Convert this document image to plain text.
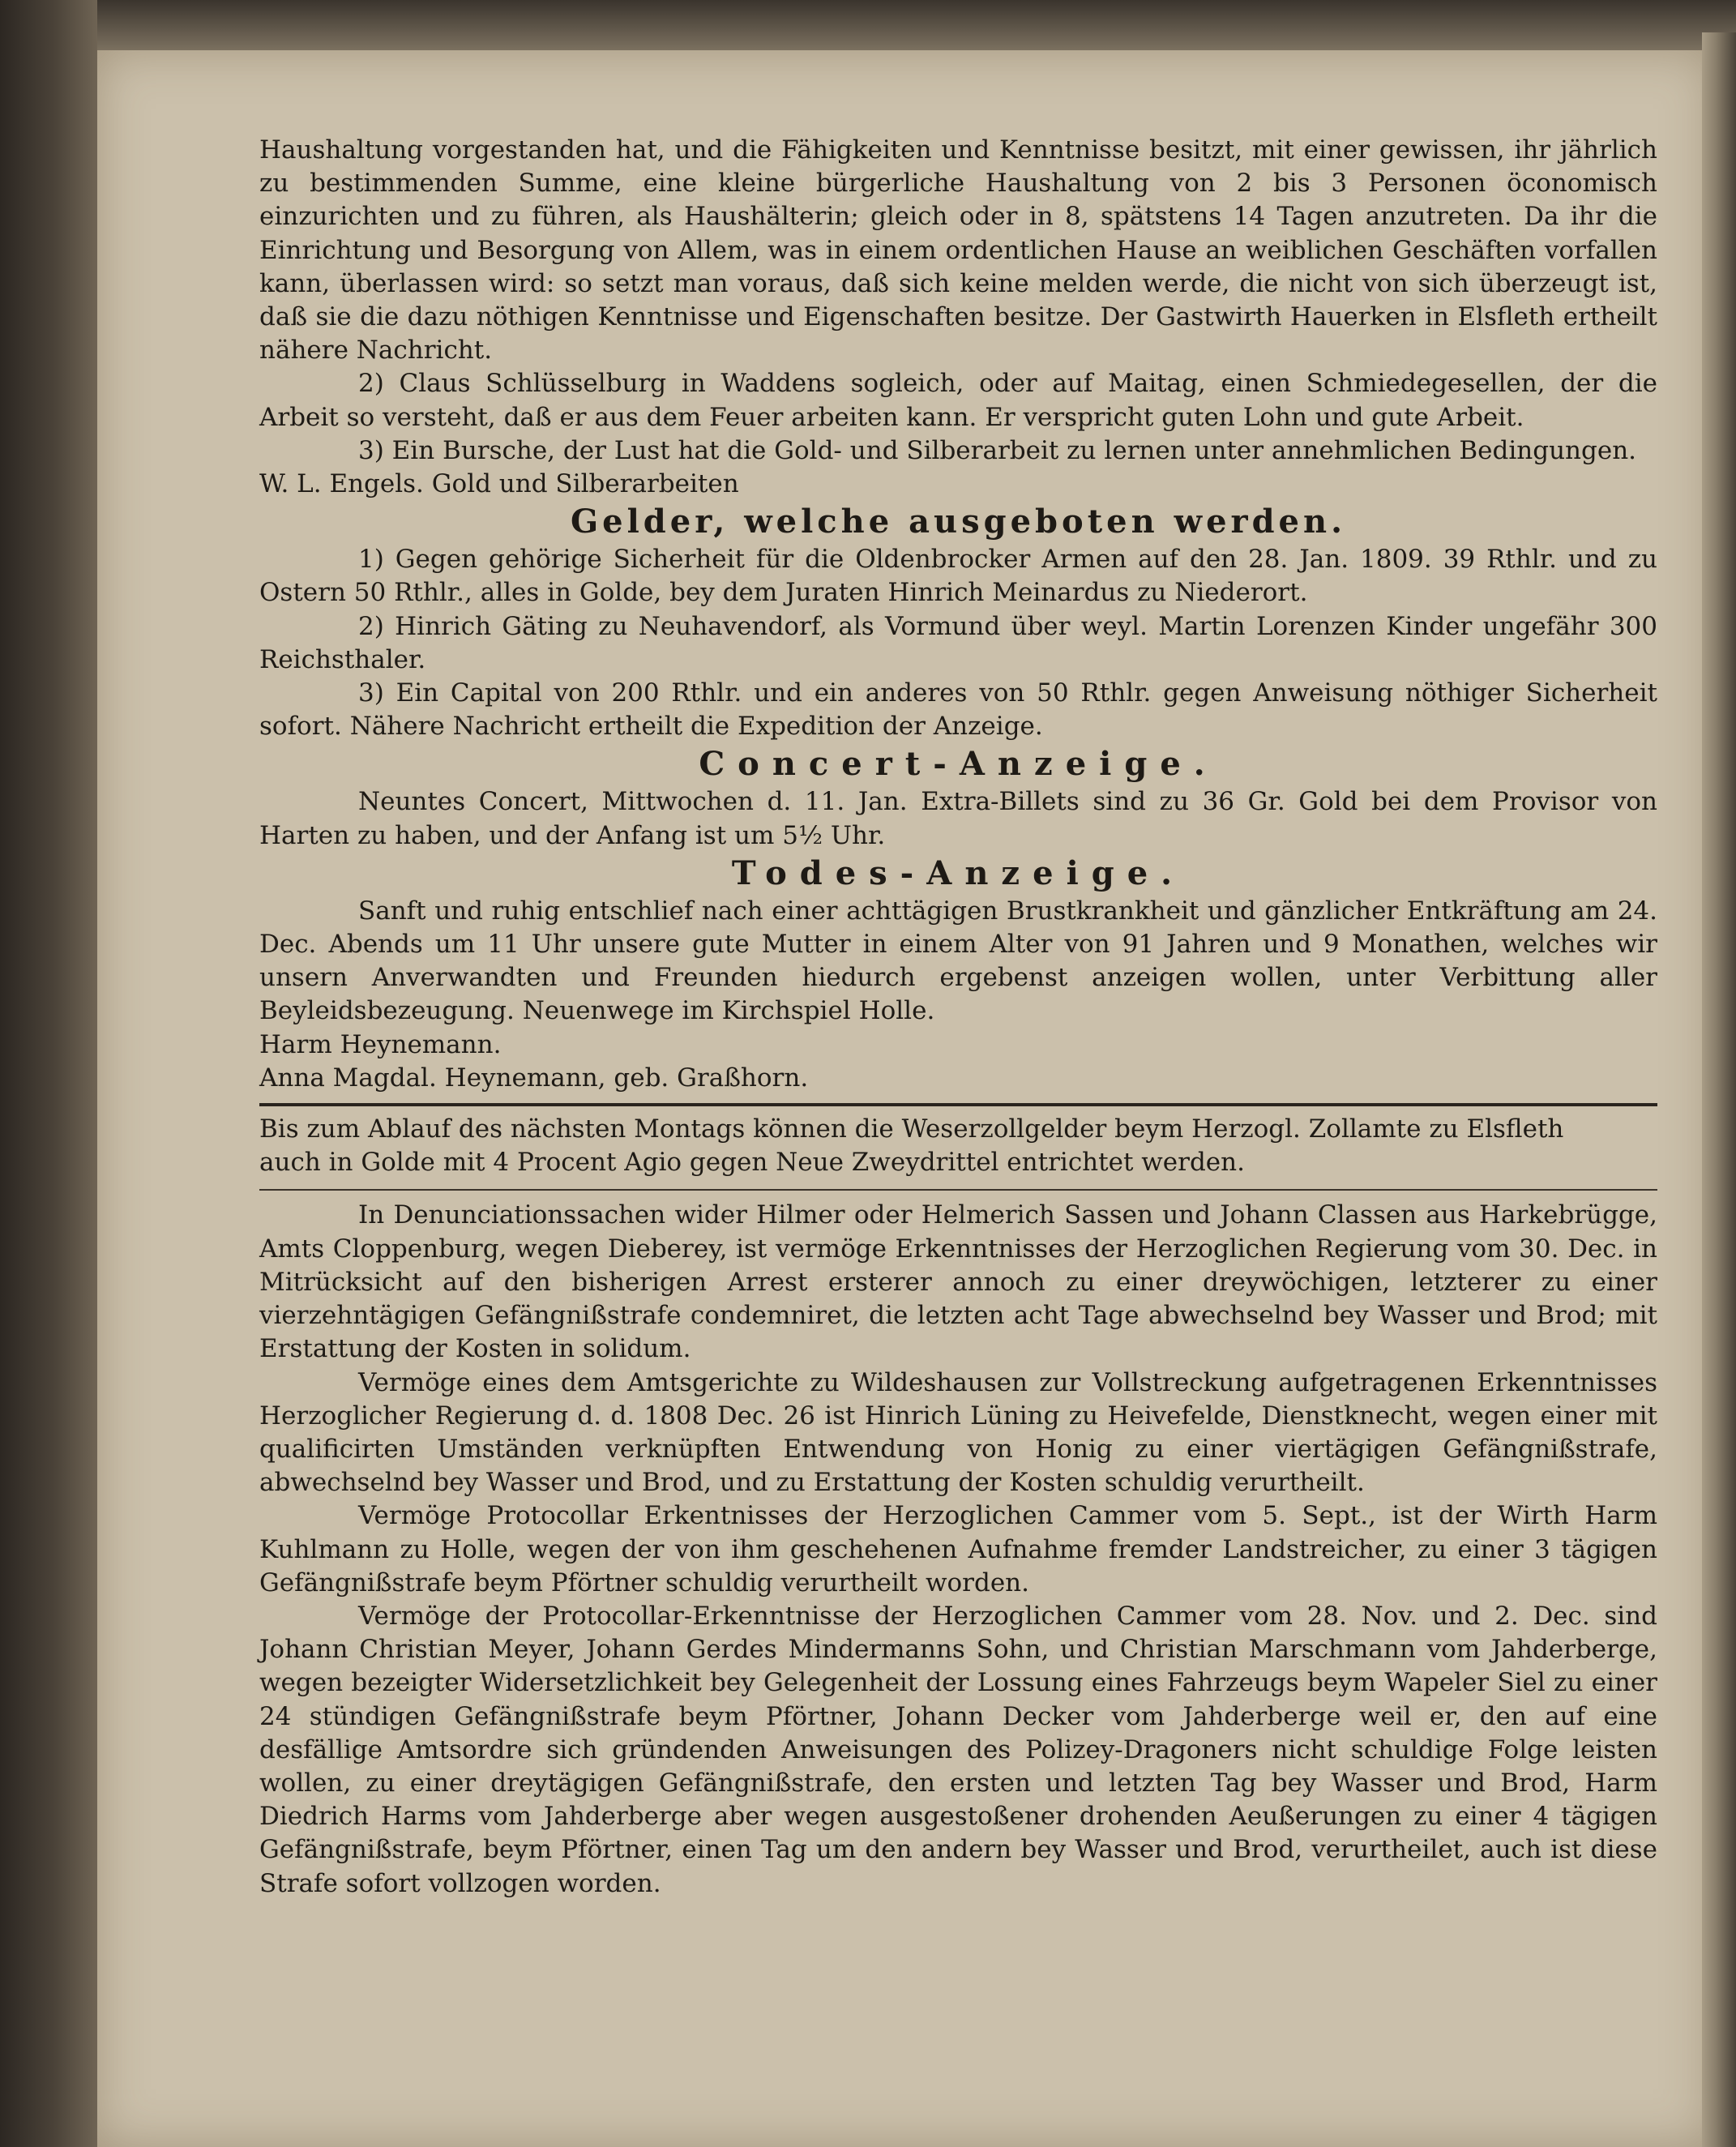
Haushaltung vorgestanden hat, und die Fähigkeiten und Kenntnisse besitzt, mit einer gewissen, ihr jährlich zu bestimmenden Summe, eine kleine bürgerliche Haushaltung von 2 bis 3 Personen öconomisch einzurichten und zu führen, als Haushälterin; gleich oder in 8, spätstens 14 Tagen anzutreten. Da ihr die Einrichtung und Besorgung von Allem, was in einem ordentlichen Hause an weiblichen Geschäften vorfallen kann, überlassen wird: so setzt man voraus, daß sich keine melden werde, die nicht von sich überzeugt ist, daß sie die dazu nöthigen Kenntnisse und Eigenschaften besitze. Der Gastwirth Hauerken in Elsfleth ertheilt nähere Nachricht.

2) Claus Schlüsselburg in Waddens sogleich, oder auf Maitag, einen Schmiedegesellen, der die Arbeit so versteht, daß er aus dem Feuer arbeiten kann. Er verspricht guten Lohn und gute Arbeit.

3) Ein Bursche, der Lust hat die Gold- und Silberarbeit zu lernen unter annehmlichen Bedingungen.

W. L. Engels. Gold und Silberarbeiten

Gelder, welche ausgeboten werden.

1) Gegen gehörige Sicherheit für die Oldenbrocker Armen auf den 28. Jan. 1809. 39 Rthlr. und zu Ostern 50 Rthlr., alles in Golde, bey dem Juraten Hinrich Meinardus zu Niederort.

2) Hinrich Gäting zu Neuhavendorf, als Vormund über weyl. Martin Lorenzen Kinder ungefähr 300 Reichsthaler.

3) Ein Capital von 200 Rthlr. und ein anderes von 50 Rthlr. gegen Anweisung nöthiger Sicherheit sofort. Nähere Nachricht ertheilt die Expedition der Anzeige.

Concert-Anzeige.

Neuntes Concert, Mittwochen d. 11. Jan. Extra-Billets sind zu 36 Gr. Gold bei dem Provisor von Harten zu haben, und der Anfang ist um 5½ Uhr.

Todes-Anzeige.

Sanft und ruhig entschlief nach einer achttägigen Brustkrankheit und gänzlicher Entkräftung am 24. Dec. Abends um 11 Uhr unsere gute Mutter in einem Alter von 91 Jahren und 9 Monathen, welches wir unsern Anverwandten und Freunden hiedurch ergebenst anzeigen wollen, unter Verbittung aller Beyleidsbezeugung. Neuenwege im Kirchspiel Holle.

Harm Heynemann.

Anna Magdal. Heynemann, geb. Graßhorn.

Bis zum Ablauf des nächsten Montags können die Weserzollgelder beym Herzogl. Zollamte zu Elsfleth

auch in Golde mit 4 Procent Agio gegen Neue Zweydrittel entrichtet werden.

In Denunciationssachen wider Hilmer oder Helmerich Sassen und Johann Classen aus Harkebrügge, Amts Cloppenburg, wegen Dieberey, ist vermöge Erkenntnisses der Herzoglichen Regierung vom 30. Dec. in Mitrücksicht auf den bisherigen Arrest ersterer annoch zu einer dreywöchigen, letzterer zu einer vierzehntägigen Gefängnißstrafe condemniret, die letzten acht Tage abwechselnd bey Wasser und Brod; mit Erstattung der Kosten in solidum.

Vermöge eines dem Amtsgerichte zu Wildeshausen zur Vollstreckung aufgetragenen Erkenntnisses Herzoglicher Regierung d. d. 1808 Dec. 26 ist Hinrich Lüning zu Heivefelde, Dienstknecht, wegen einer mit qualificirten Umständen verknüpften Entwendung von Honig zu einer viertägigen Gefängnißstrafe, abwechselnd bey Wasser und Brod, und zu Erstattung der Kosten schuldig verurtheilt.

Vermöge Protocollar Erkentnisses der Herzoglichen Cammer vom 5. Sept., ist der Wirth Harm Kuhlmann zu Holle, wegen der von ihm geschehenen Aufnahme fremder Landstreicher, zu einer 3 tägigen Gefängnißstrafe beym Pförtner schuldig verurtheilt worden.

Vermöge der Protocollar-Erkenntnisse der Herzoglichen Cammer vom 28. Nov. und 2. Dec. sind Johann Christian Meyer, Johann Gerdes Mindermanns Sohn, und Christian Marschmann vom Jahderberge, wegen bezeigter Widersetzlichkeit bey Gelegenheit der Lossung eines Fahrzeugs beym Wapeler Siel zu einer 24 stündigen Gefängnißstrafe beym Pförtner, Johann Decker vom Jahderberge weil er, den auf eine desfällige Amtsordre sich gründenden Anweisungen des Polizey-Dragoners nicht schuldige Folge leisten wollen, zu einer dreytägigen Gefängnißstrafe, den ersten und letzten Tag bey Wasser und Brod, Harm Diedrich Harms vom Jahderberge aber wegen ausgestoßener drohenden Aeußerungen zu einer 4 tägigen Gefängnißstrafe, beym Pförtner, einen Tag um den andern bey Wasser und Brod, verurtheilet, auch ist diese Strafe sofort vollzogen worden.
